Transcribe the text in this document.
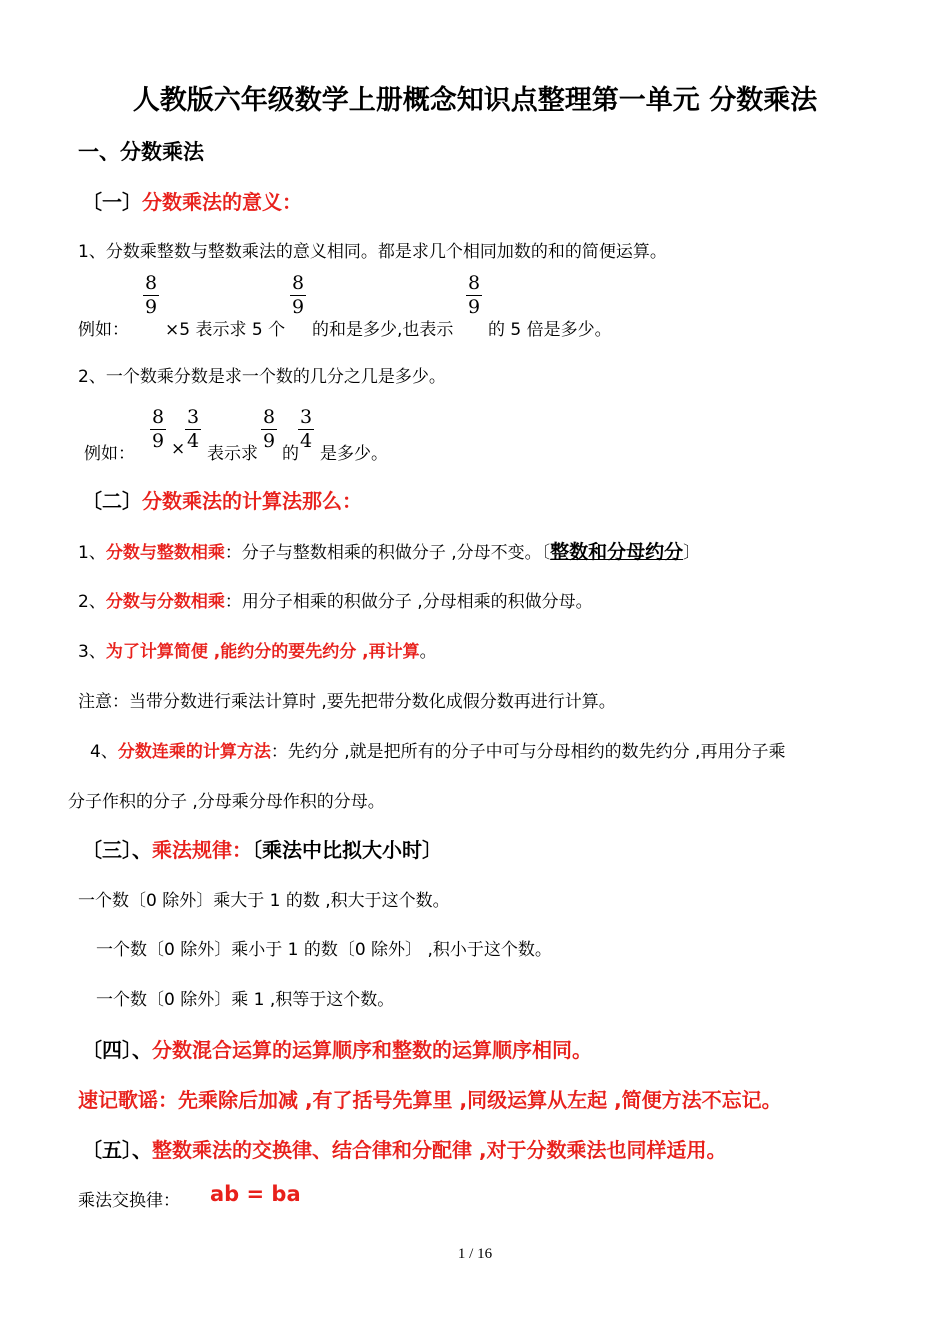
人教版六年级数学上册概念知识点整理第一单元 分数乘法
一、分数乘法
〔一〕分数乘法的意义：
1、分数乘整数与整数乘法的意义相同。都是求几个相同加数的和的简便运算。
例如：
$\frac{8}{9}$
×5 表示求 5 个
$\frac{8}{9}$
的和是多少,也表示
$\frac{8}{9}$
的 5 倍是多少。
2、一个数乘分数是求一个数的几分之几是多少。
例如：
$\frac{8}{9} \times \frac{3}{4}$
表示求
$\frac{8}{9}$
的
$\frac{3}{4}$
是多少。
〔二〕分数乘法的计算法那么：
1、分数与整数相乘：分子与整数相乘的积做分子 ,分母不变。〔整数和分母约分〕
2、分数与分数相乘：用分子相乘的积做分子 ,分母相乘的积做分母。
3、为了计算简便 ,能约分的要先约分 ,再计算。
注意：当带分数进行乘法计算时 ,要先把带分数化成假分数再进行计算。
4、分数连乘的计算方法：先约分 ,就是把所有的分子中可与分母相约的数先约分 ,再用分子乘
分子作积的分子 ,分母乘分母作积的分母。
〔三〕、乘法规律：〔乘法中比拟大小时〕
一个数〔0 除外〕乘大于 1 的数 ,积大于这个数。
一个数〔0 除外〕乘小于 1 的数〔0 除外〕 ,积小于这个数。
一个数〔0 除外〕乘 1 ,积等于这个数。
〔四〕、分数混合运算的运算顺序和整数的运算顺序相同。
速记歌谣：先乘除后加减 ,有了括号先算里 ,同级运算从左起 ,简便方法不忘记。
〔五〕、整数乘法的交换律、结合律和分配律 ,对于分数乘法也同样适用。
乘法交换律： ab = ba
1 / 16
